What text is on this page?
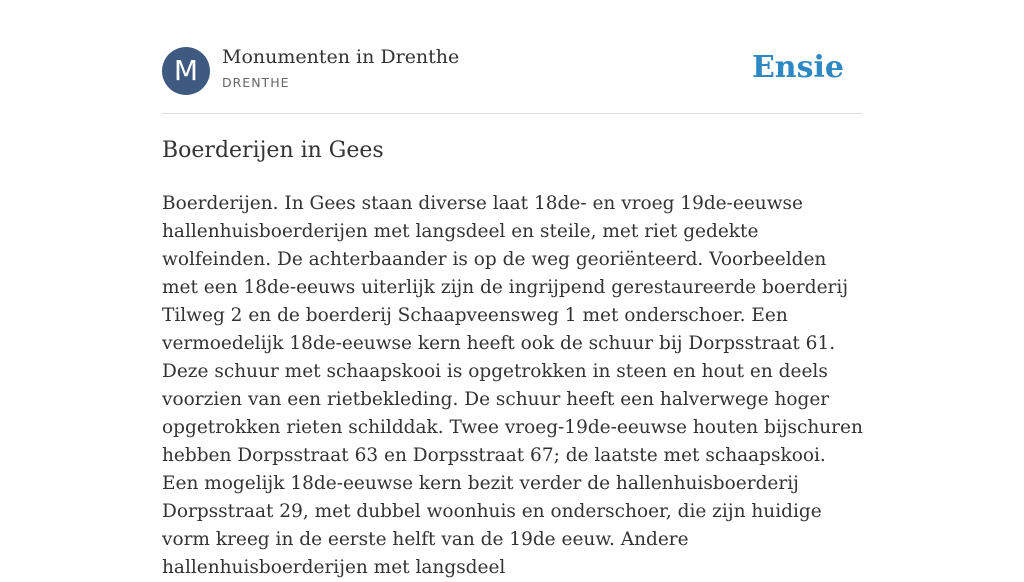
M	Monumenten in Drenthe
DRENTHE	Ensie
Boerderijen in Gees

Boerderijen. In Gees staan diverse laat 18de- en vroeg 19de-eeuwse hallenhuisboerderijen met langsdeel en steile, met riet gedekte wolfeinden. De achterbaander is op de weg georiënteerd. Voorbeelden met een 18de-eeuws uiterlijk zijn de ingrijpend gerestaureerde boerderij Tilweg 2 en de boerderij Schaapveensweg 1 met onderschoer. Een vermoedelijk 18de-eeuwse kern heeft ook de schuur bij Dorpsstraat 61. Deze schuur met schaapskooi is opgetrokken in steen en hout en deels voorzien van een rietbekleding. De schuur heeft een halverwege hoger opgetrokken rieten schilddak. Twee vroeg-19de-eeuwse houten bijschuren hebben Dorpsstraat 63 en Dorpsstraat 67; de laatste met schaapskooi. Een mogelijk 18de-eeuwse kern bezit verder de hallenhuisboerderij Dorpsstraat 29, met dubbel woonhuis en onderschoer, die zijn huidige vorm kreeg in de eerste helft van de 19de eeuw. Andere hallenhuisboerderijen met langsdeel
